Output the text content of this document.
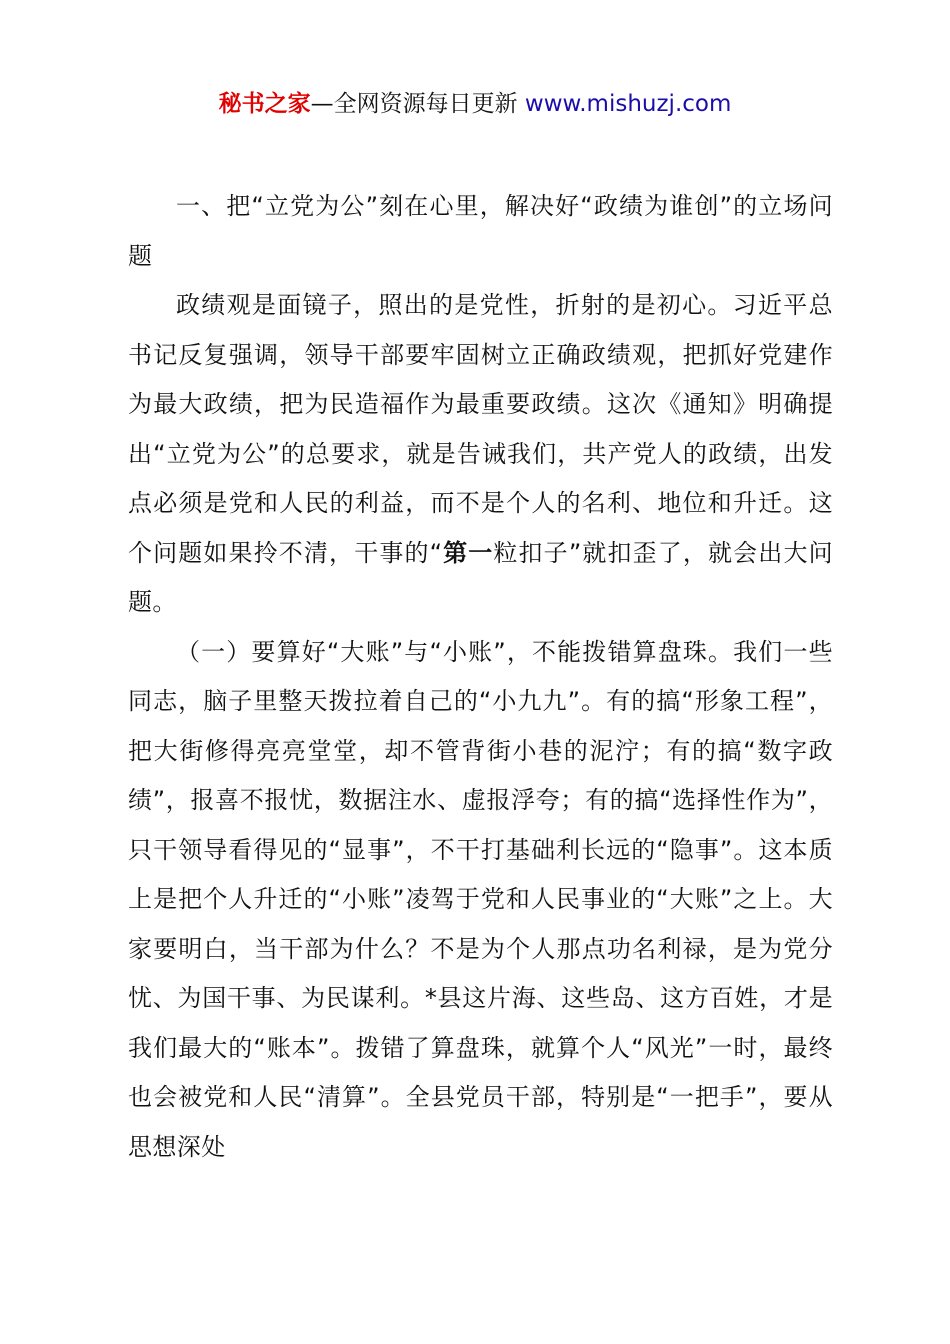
秘书之家—全网资源每日更新 www.mishuzj.com

一、把“立党为公”刻在心里，解决好“政绩为谁创”的立场问题

政绩观是面镜子，照出的是党性，折射的是初心。习近平总书记反复强调，领导干部要牢固树立正确政绩观，把抓好党建作为最大政绩，把为民造福作为最重要政绩。这次《通知》明确提出“立党为公”的总要求，就是告诫我们，共产党人的政绩，出发点必须是党和人民的利益，而不是个人的名利、地位和升迁。这个问题如果拎不清，干事的“第一粒扣子”就扣歪了，就会出大问题。

（一）要算好“大账”与“小账”，不能拨错算盘珠。我们一些同志，脑子里整天拨拉着自己的“小九九”。有的搞“形象工程”，把大街修得亮亮堂堂，却不管背街小巷的泥泞；有的搞“数字政绩”，报喜不报忧，数据注水、虚报浮夸；有的搞“选择性作为”，只干领导看得见的“显事”，不干打基础利长远的“隐事”。这本质上是把个人升迁的“小账”凌驾于党和人民事业的“大账”之上。大家要明白，当干部为什么？不是为个人那点功名利禄，是为党分忧、为国干事、为民谋利。*县这片海、这些岛、这方百姓，才是我们最大的“账本”。拨错了算盘珠，就算个人“风光”一时，最终也会被党和人民“清算”。全县党员干部，特别是“一把手”，要从思想深处
